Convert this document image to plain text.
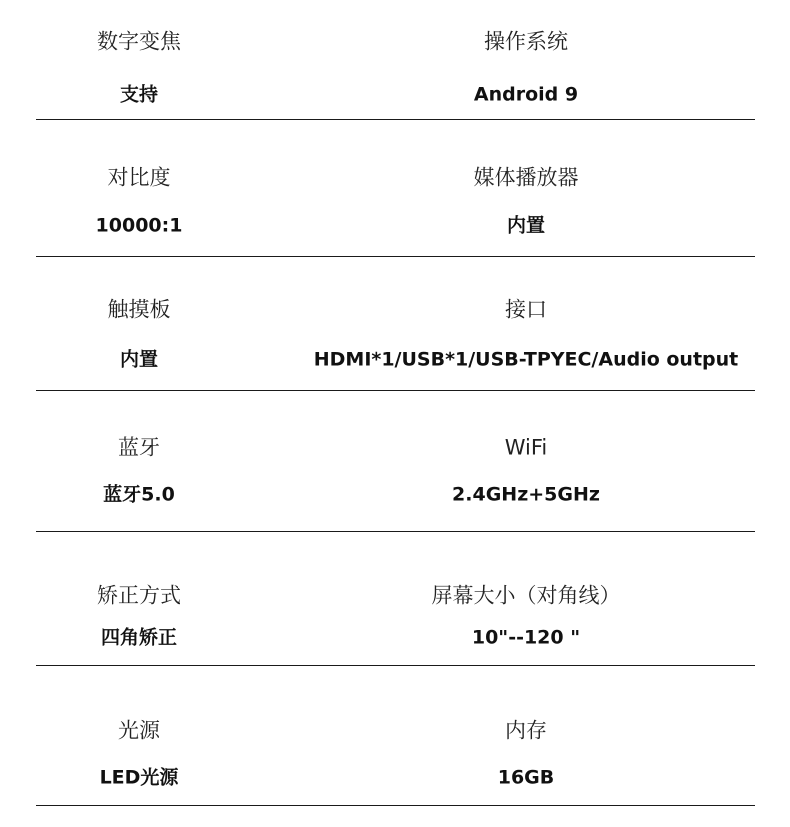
数字变焦	操作系统
支持	Android 9
对比度	媒体播放器
10000:1	内置
触摸板	接口
内置	HDMI*1/USB*1/USB-TPYEC/Audio output
蓝牙	WiFi
蓝牙5.0	2.4GHz+5GHz
矫正方式	屏幕大小（对角线）
四角矫正	10"--120 "
光源	内存
LED光源	16GB
